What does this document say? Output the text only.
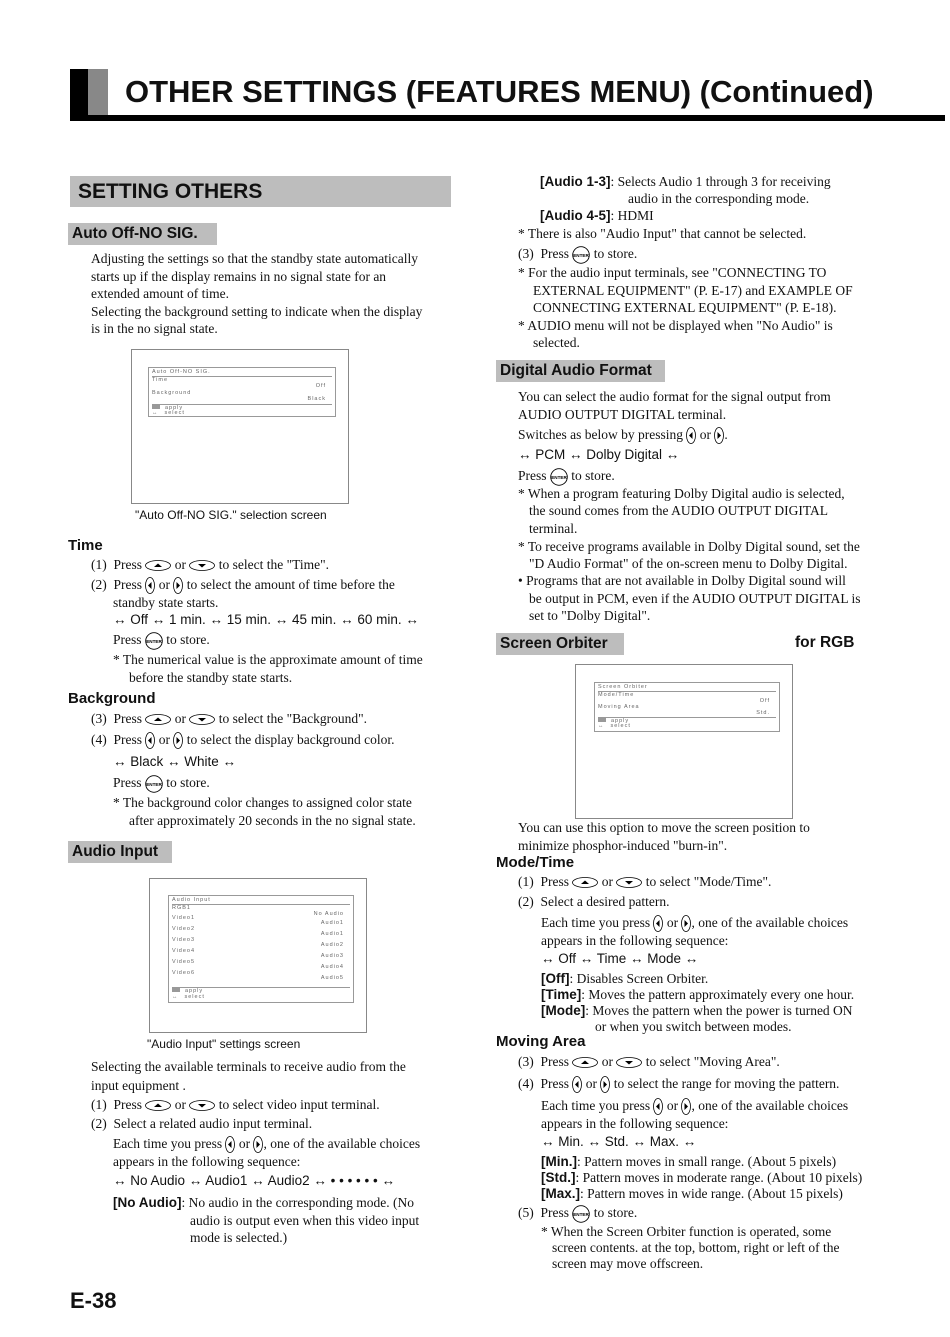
OTHER SETTINGS (FEATURES MENU) (Continued)
SETTING OTHERS
Auto Off-NO SIG.
Adjusting the settings so that the standby state automatically
starts up if the display remains in no signal state for an
extended amount of time.
Selecting the background setting to indicate when the display
is in the no signal state.
Auto Off-NO SIG.
Time
Off
Background
Black
apply
↔ select
"Auto Off-NO SIG." selection screen
Time
(1) Press or to select the "Time".
(2) Press or to select the amount of time before the
standby state starts.
↔ Off ↔ 1 min. ↔ 15 min. ↔ 45 min. ↔ 60 min. ↔
Press to store.
* The numerical value is the approximate amount of time
before the standby state starts.
Background
(3) Press or to select the "Background".
(4) Press or to select the display background color.
↔ Black ↔ White ↔
Press to store.
* The background color changes to assigned color state
after approximately 20 seconds in the no signal state.
Audio Input
Audio Input
RGB1
No Audio
Video1
Audio1
Video2
Audio1
Video3
Audio2
Video4
Audio3
Video5
Audio4
Video6
Audio5
apply
↔ select
"Audio Input" settings screen
Selecting the available terminals to receive audio from the
input equipment .
(1) Press or to select video input terminal.
(2) Select a related audio input terminal.
Each time you press or , one of the available choices
appears in the following sequence:
↔ No Audio ↔ Audio1 ↔ Audio2 ↔ • • • • • • ↔
[No Audio]: No audio in the corresponding mode. (No
audio is output even when this video input
mode is selected.)
[Audio 1-3]: Selects Audio 1 through 3 for receiving
audio in the corresponding mode.
[Audio 4-5]: HDMI
* There is also "Audio Input" that cannot be selected.
(3) Press to store.
* For the audio input terminals, see "CONNECTING TO
EXTERNAL EQUIPMENT" (P. E-17) and EXAMPLE OF
CONNECTING EXTERNAL EQUIPMENT" (P. E-18).
* AUDIO menu will not be displayed when "No Audio" is
selected.
Digital Audio Format
You can select the audio format for the signal output from
AUDIO OUTPUT DIGITAL terminal.
Switches as below by pressing or .
↔ PCM ↔ Dolby Digital ↔
Press to store.
* When a program featuring Dolby Digital audio is selected,
the sound comes from the AUDIO OUTPUT DIGITAL
terminal.
* To receive programs available in Dolby Digital sound, set the
"D Audio Format" of the on-screen menu to Dolby Digital.
• Programs that are not available in Dolby Digital sound will
be output in PCM, even if the AUDIO OUTPUT DIGITAL is
set to "Dolby Digital".
Screen Orbiter	for RGB
Screen Orbiter
Mode/Time
Off
Moving Area
Std.
apply
↔ select
You can use this option to move the screen position to
minimize phosphor-induced "burn-in".
Mode/Time
(1) Press or to select "Mode/Time".
(2) Select a desired pattern.
Each time you press or , one of the available choices
appears in the following sequence:
↔ Off ↔ Time ↔ Mode ↔
[Off]: Disables Screen Orbiter.
[Time]: Moves the pattern approximately every one hour.
[Mode]: Moves the pattern when the power is turned ON
or when you switch between modes.
Moving Area
(3) Press or to select "Moving Area".
(4) Press or to select the range for moving the pattern.
Each time you press or , one of the available choices
appears in the following sequence:
↔ Min. ↔ Std. ↔ Max. ↔
[Min.]: Pattern moves in small range. (About 5 pixels)
[Std.]: Pattern moves in moderate range. (About 10 pixels)
[Max.]: Pattern moves in wide range. (About 15 pixels)
(5) Press to store.
* When the Screen Orbiter function is operated, some
screen contents. at the top, bottom, right or left of the
screen may move offscreen.
E-38
